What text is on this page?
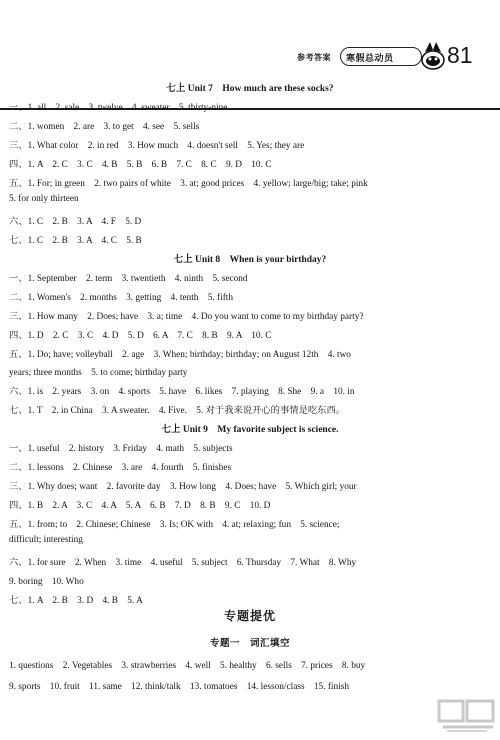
参考答案 寒假总动员 81
七上 Unit 7　How much are these socks?
一、1. all　2. sale　3. twelve　4. sweater　5. thirty-nine
二、1. women　2. are　3. to get　4. see　5. sells
三、1. What color　2. in red　3. How much　4. doesn't sell　5. Yes; they are
四、1. A　2. C　3. C　4. B　5. B　6. B　7. C　8. C　9. D　10. C
五、1. For; in green　2. two pairs of white　3. at; good prices　4. yellow; large/big; take; pink
5. for only thirteen
六、1. C　2. B　3. A　4. F　5. D
七、1. C　2. B　3. A　4. C　5. B
七上 Unit 8　When is your birthday?
一、1. September　2. term　3. twentieth　4. ninth　5. second
二、1. Women's　2. months　3. getting　4. tenth　5. fifth
三、1. How many　2. Does; have　3. a; time　4. Do you want to come to my birthday party?
四、1. D　2. C　3. C　4. D　5. D　6. A　7. C　8. B　9. A　10. C
五、1. Do; have; volleyball　2. age　3. When; birthday; birthday; on August 12th　4. two
years; three months　5. to come; birthday party
六、1. is　2. years　3. on　4. sports　5. have　6. likes　7. playing　8. She　9. a　10. in
七、1. T　2. in China　3. A sweater.　4. Five.　5. 对于我来说开心的事情是吃东西。
七上 Unit 9　My favorite subject is science.
一、1. useful　2. history　3. Friday　4. math　5. subjects
二、1. lessons　2. Chinese　3. are　4. fourth　5. finishes
三、1. Why does; want　2. favorite day　3. How long　4. Does; have　5. Which girl; your
四、1. B　2. A　3. C　4. A　5. A　6. B　7. D　8. B　9. C　10. D
五、1. from; to　2. Chinese; Chinese　3. Is; OK with　4. at; relaxing; fun　5. science;
difficult; interesting
六、1. for sure　2. When　3. time　4. useful　5. subject　6. Thursday　7. What　8. Why
9. boring　10. Who
七、1. A　2. B　3. D　4. B　5. A
专题提优
专题一　词汇填空
1. questions　2. Vegetables　3. strawberries　4. well　5. healthy　6. sells　7. prices　8. buy
9. sports　10. fruit　11. same　12. think/talk　13. tomatoes　14. lesson/class　15. finish
